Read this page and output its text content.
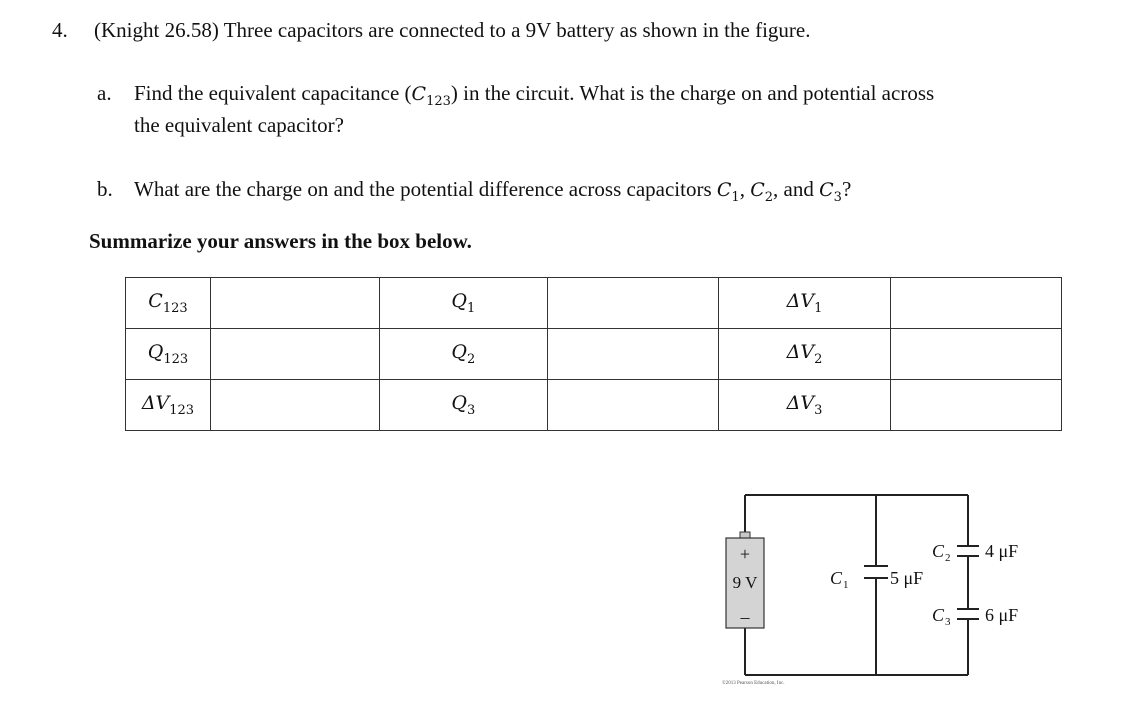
4. (Knight 26.58) Three capacitors are connected to a 9V battery as shown in the figure.
a. Find the equivalent capacitance $(C_{123})$ in the circuit. What is the charge on and potential across
the equivalent capacitor?
b. What are the charge on and the potential difference across capacitors $C_1$, $C_2$, and $C_3$?
Summarize your answers in the box below.
$C_{123}$		$Q_1$		$\Delta V_1$	
$Q_{123}$		$Q_2$		$\Delta V_2$	
$\Delta V_{123}$		$Q_3$		$\Delta V_3$	
+
9 V
–
C 1 5 μF
C 2 4 μF
C 3 6 μF
©2013 Pearson Education, Inc.
